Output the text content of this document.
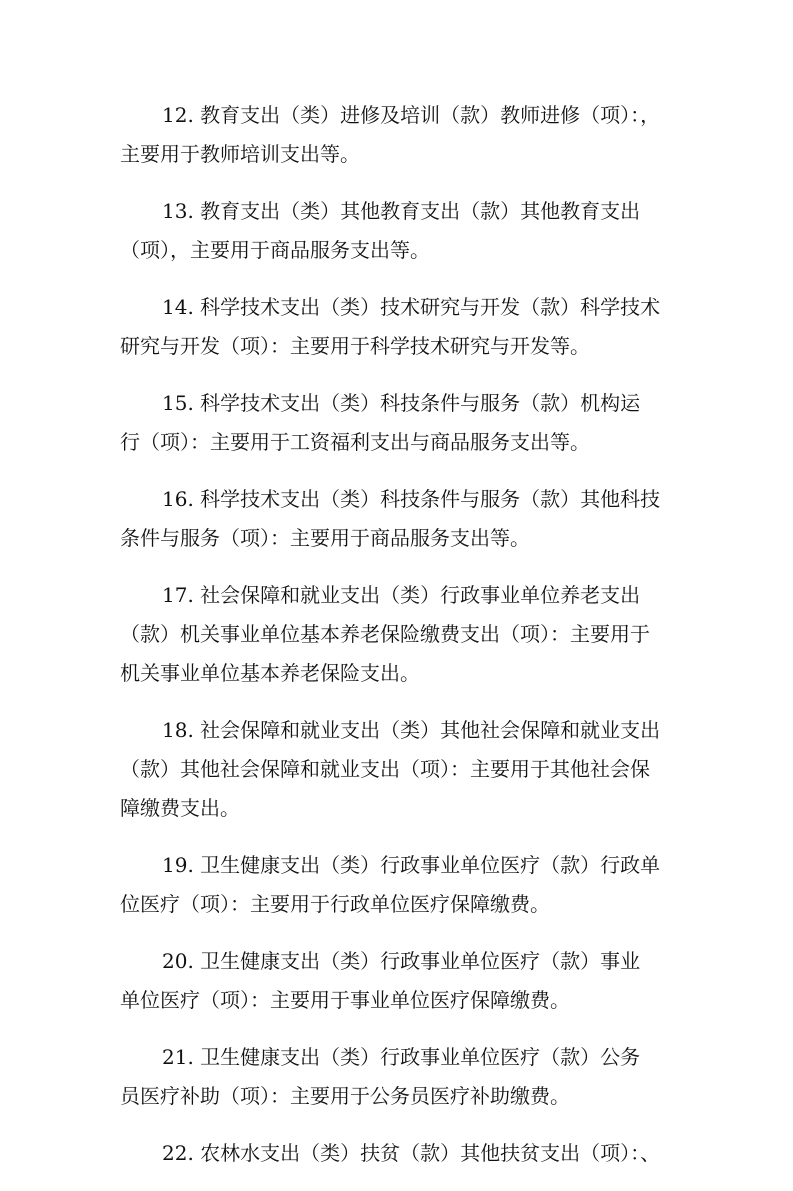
12. 教育支出（类）进修及培训（款）教师进修（项）：，
主要用于教师培训支出等。

13. 教育支出（类）其他教育支出（款）其他教育支出
（项），主要用于商品服务支出等。

14. 科学技术支出（类）技术研究与开发（款）科学技术
研究与开发（项）：主要用于科学技术研究与开发等。

15. 科学技术支出（类）科技条件与服务（款）机构运
行（项）：主要用于工资福利支出与商品服务支出等。

16. 科学技术支出（类）科技条件与服务（款）其他科技
条件与服务（项）：主要用于商品服务支出等。

17. 社会保障和就业支出（类）行政事业单位养老支出
（款）机关事业单位基本养老保险缴费支出（项）：主要用于
机关事业单位基本养老保险支出。

18. 社会保障和就业支出（类）其他社会保障和就业支出
（款）其他社会保障和就业支出（项）：主要用于其他社会保
障缴费支出。

19. 卫生健康支出（类）行政事业单位医疗（款）行政单
位医疗（项）：主要用于行政单位医疗保障缴费。

20. 卫生健康支出（类）行政事业单位医疗（款）事业
单位医疗（项）：主要用于事业单位医疗保障缴费。

21. 卫生健康支出（类）行政事业单位医疗（款）公务
员医疗补助（项）：主要用于公务员医疗补助缴费。

22. 农林水支出（类）扶贫（款）其他扶贫支出（项）：、
